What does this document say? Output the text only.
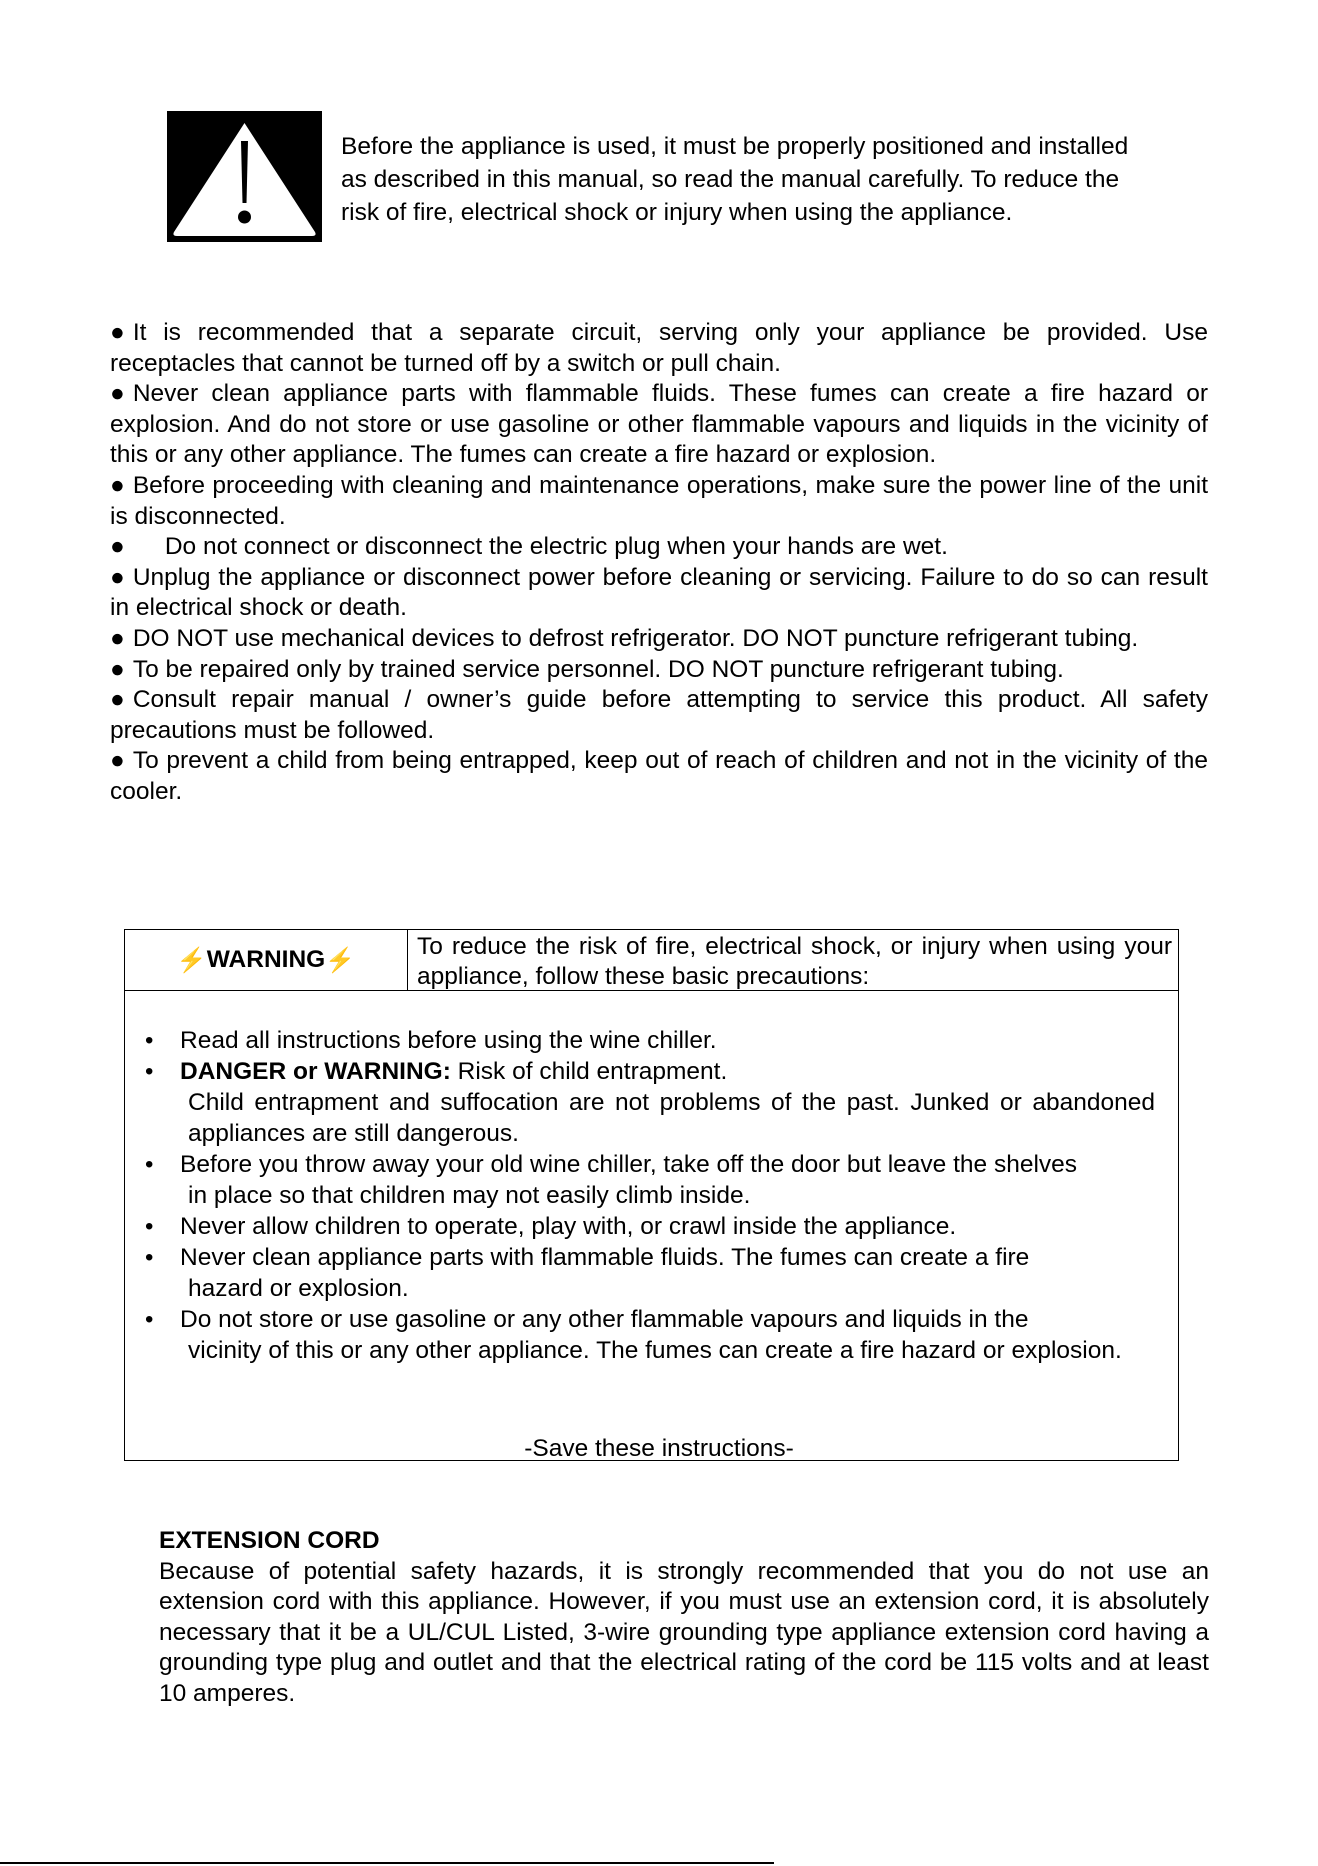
Before the appliance is used, it must be properly positioned and installed
as described in this manual, so read the manual carefully. To reduce the
risk of fire, electrical shock or injury when using the appliance.

● It is recommended that a separate circuit, serving only your appliance be provided. Use receptacles that cannot be turned off by a switch or pull chain.

● Never clean appliance parts with flammable fluids. These fumes can create a fire hazard or explosion. And do not store or use gasoline or other flammable vapours and liquids in the vicinity of this or any other appliance. The fumes can create a fire hazard or explosion.

● Before proceeding with cleaning and maintenance operations, make sure the power line of the unit is disconnected.

● Do not connect or disconnect the electric plug when your hands are wet.

● Unplug the appliance or disconnect power before cleaning or servicing. Failure to do so can result in electrical shock or death.

● DO NOT use mechanical devices to defrost refrigerator. DO NOT puncture refrigerant tubing.

● To be repaired only by trained service personnel. DO NOT puncture refrigerant tubing.

● Consult repair manual / owner’s guide before attempting to service this product. All safety precautions must be followed.

● To prevent a child from being entrapped, keep out of reach of children and not in the vicinity of the cooler.

⚡ WARNING ⚡	To reduce the risk of fire, electrical shock, or injury when using your appliance, follow these basic precautions:
• Read all instructions before using the wine chiller.
• DANGER or WARNING: Risk of child entrapment.
Child entrapment and suffocation are not problems of the past. Junked or abandoned appliances are still dangerous.
• Before you throw away your old wine chiller, take off the door but leave the shelves
in place so that children may not easily climb inside.
• Never allow children to operate, play with, or crawl inside the appliance.
• Never clean appliance parts with flammable fluids. The fumes can create a fire
hazard or explosion.
• Do not store or use gasoline or any other flammable vapours and liquids in the
vicinity of this or any other appliance. The fumes can create a fire hazard or explosion.
-Save these instructions-
EXTENSION CORD

Because of potential safety hazards, it is strongly recommended that you do not use an extension cord with this appliance. However, if you must use an extension cord, it is absolutely necessary that it be a UL/CUL Listed, 3-wire grounding type appliance extension cord having a grounding type plug and outlet and that the electrical rating of the cord be 115 volts and at least 10 amperes.
